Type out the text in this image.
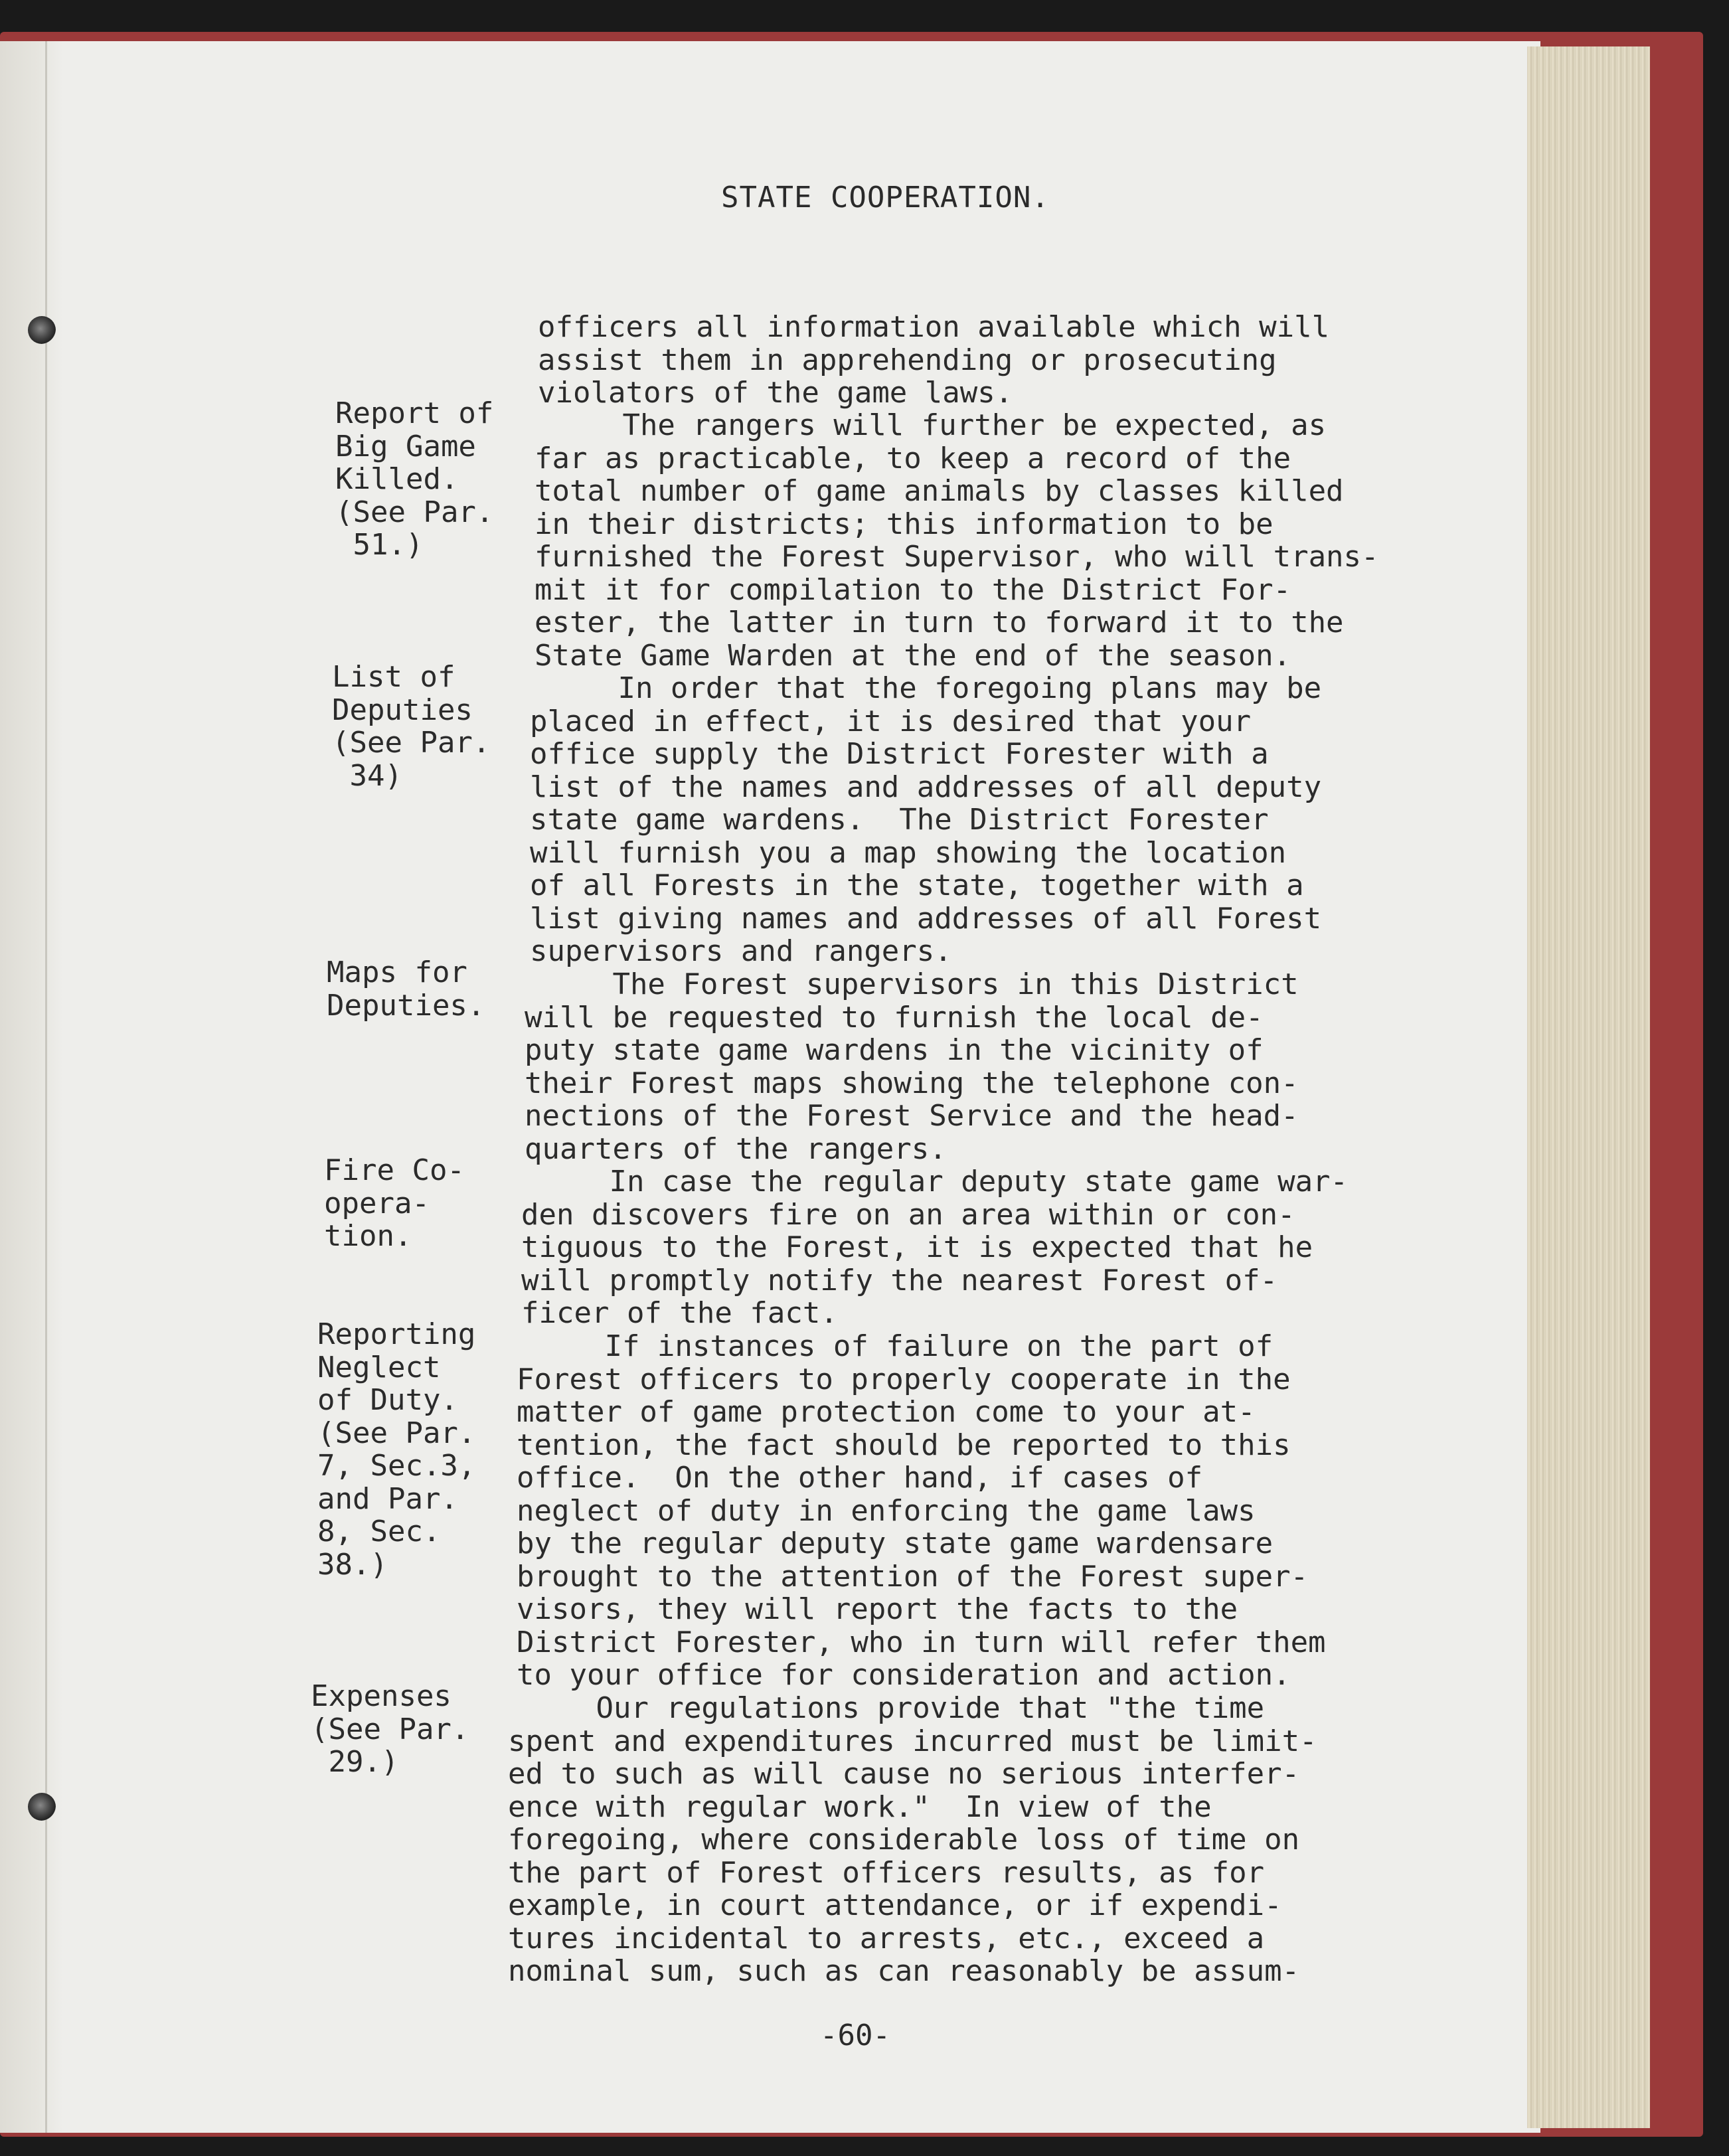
STATE COOPERATION.
officers all information available which will
assist them in apprehending or prosecuting
violators of the game laws.
The rangers will further be expected, as
far as practicable, to keep a record of the
total number of game animals by classes killed
in their districts; this information to be
furnished the Forest Supervisor, who will trans-
mit it for compilation to the District For-
ester, the latter in turn to forward it to the
State Game Warden at the end of the season.
In order that the foregoing plans may be
placed in effect, it is desired that your
office supply the District Forester with a
list of the names and addresses of all deputy
state game wardens.  The District Forester
will furnish you a map showing the location
of all Forests in the state, together with a
list giving names and addresses of all Forest
supervisors and rangers.
The Forest supervisors in this District
will be requested to furnish the local de-
puty state game wardens in the vicinity of
their Forest maps showing the telephone con-
nections of the Forest Service and the head-
quarters of the rangers.
In case the regular deputy state game war-
den discovers fire on an area within or con-
tiguous to the Forest, it is expected that he
will promptly notify the nearest Forest of-
ficer of the fact.
If instances of failure on the part of
Forest officers to properly cooperate in the
matter of game protection come to your at-
tention, the fact should be reported to this
office.  On the other hand, if cases of
neglect of duty in enforcing the game laws
by the regular deputy state game wardensare
brought to the attention of the Forest super-
visors, they will report the facts to the
District Forester, who in turn will refer them
to your office for consideration and action.
Our regulations provide that "the time
spent and expenditures incurred must be limit-
ed to such as will cause no serious interfer-
ence with regular work."  In view of the
foregoing, where considerable loss of time on
the part of Forest officers results, as for
example, in court attendance, or if expendi-
tures incidental to arrests, etc., exceed a
nominal sum, such as can reasonably be assum-
Report of
Big Game
Killed.
(See Par.
51.)
List of
Deputies
(See Par.
34)
Maps for
Deputies.
Fire Co-
opera-
tion.
Reporting
Neglect
of Duty.
(See Par.
7, Sec.3,
and Par.
8, Sec.
38.)
Expenses
(See Par.
29.)
-60-
